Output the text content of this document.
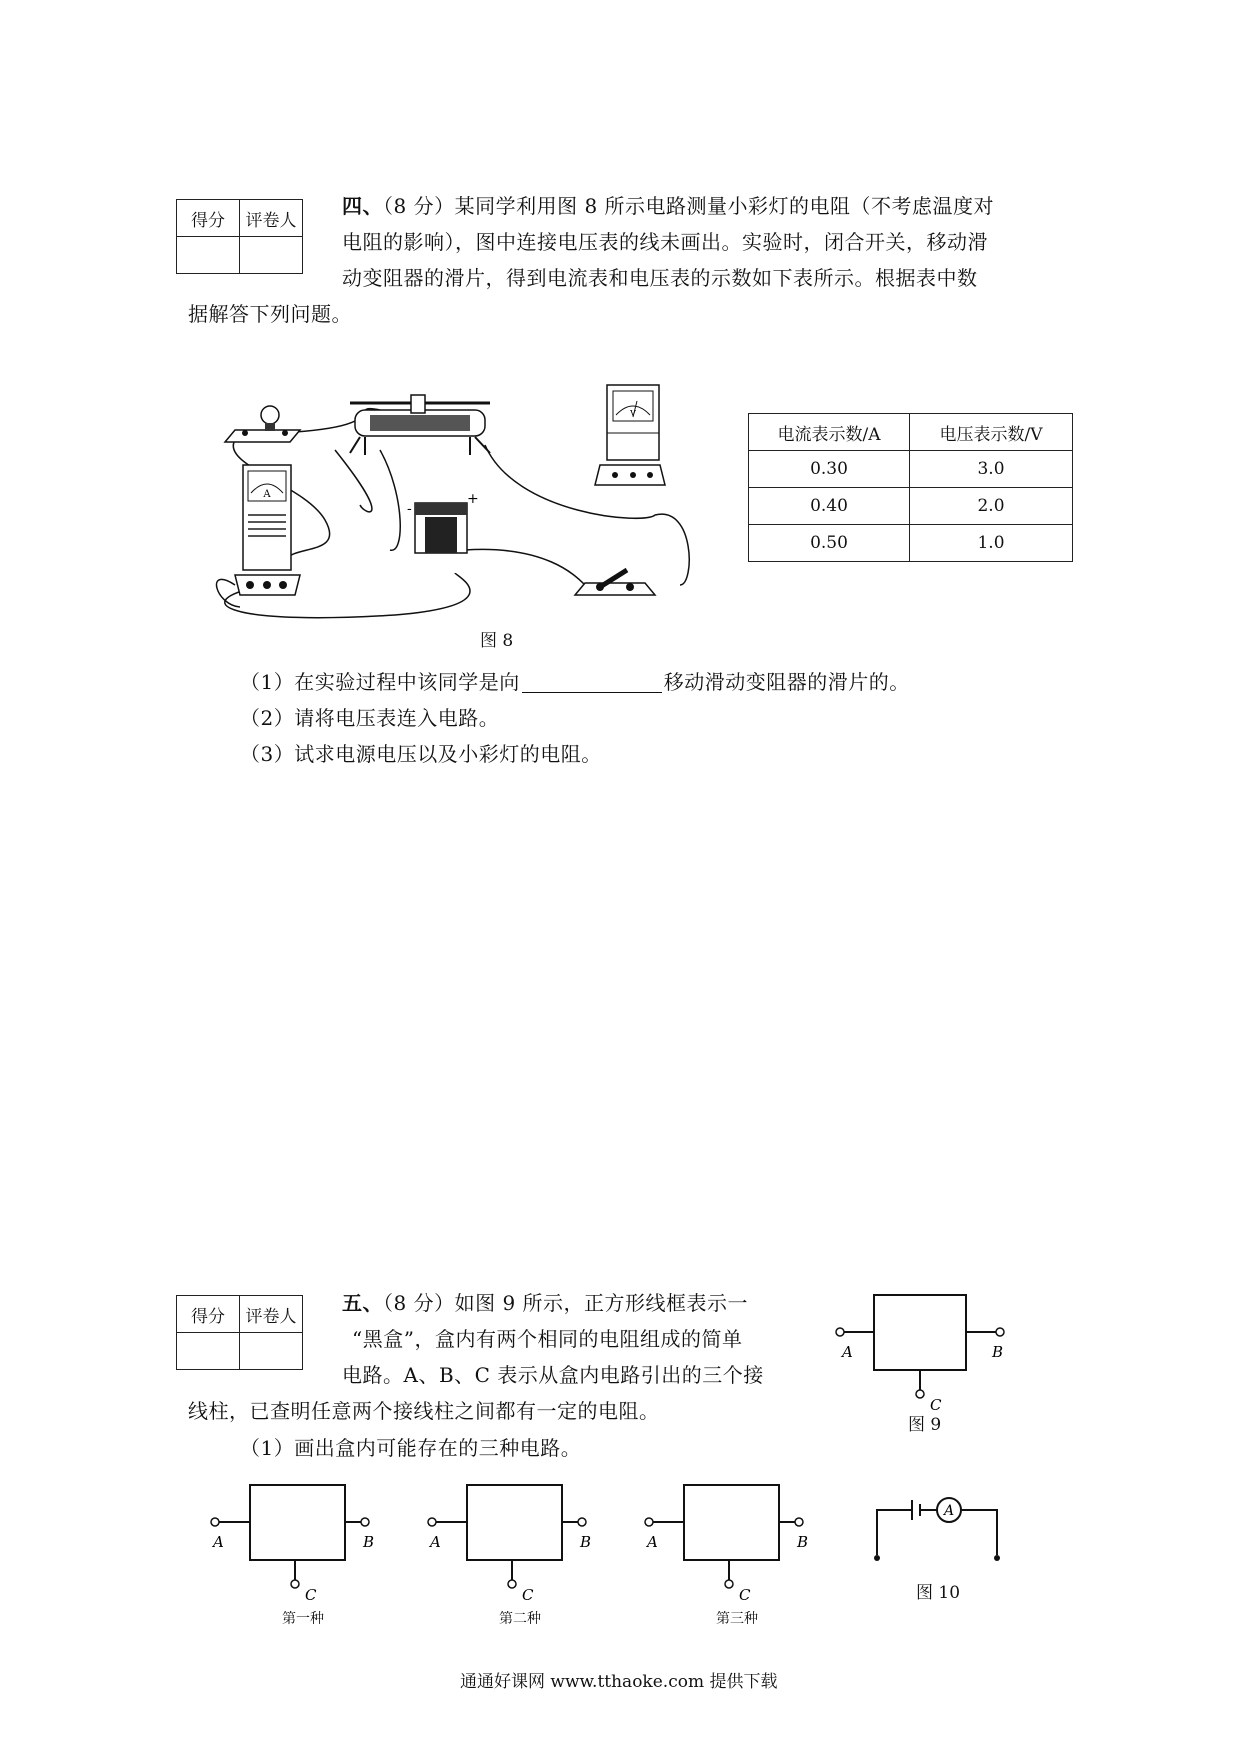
得分	评卷人

四、（8 分）某同学利用图 8 所示电路测量小彩灯的电阻（不考虑温度对
电阻的影响），图中连接电压表的线未画出。实验时，闭合开关，移动滑
动变阻器的滑片，得到电流表和电压表的示数如下表所示。根据表中数
据解答下列问题。
V
A
-
+
图 8
电流表示数/A	电压表示数/V
0.30	3.0
0.40	2.0
0.50	1.0
（1）在实验过程中该同学是向	移动滑动变阻器的滑片的。
（2）请将电压表连入电路。
（3）试求电源电压以及小彩灯的电阻。
得分	评卷人

五、（8 分）如图 9 所示，正方形线框表示一
“黑盒”，盒内有两个相同的电阻组成的简单
电路。A、B、C 表示从盒内电路引出的三个接
线柱，已查明任意两个接线柱之间都有一定的电阻。
（1）画出盒内可能存在的三种电路。
A	B
C
图 9
A	B
C
A	B
C
A	B
C
第一种	第二种	第三种
A
图 10
通通好课网 www.tthaoke.com 提供下载
